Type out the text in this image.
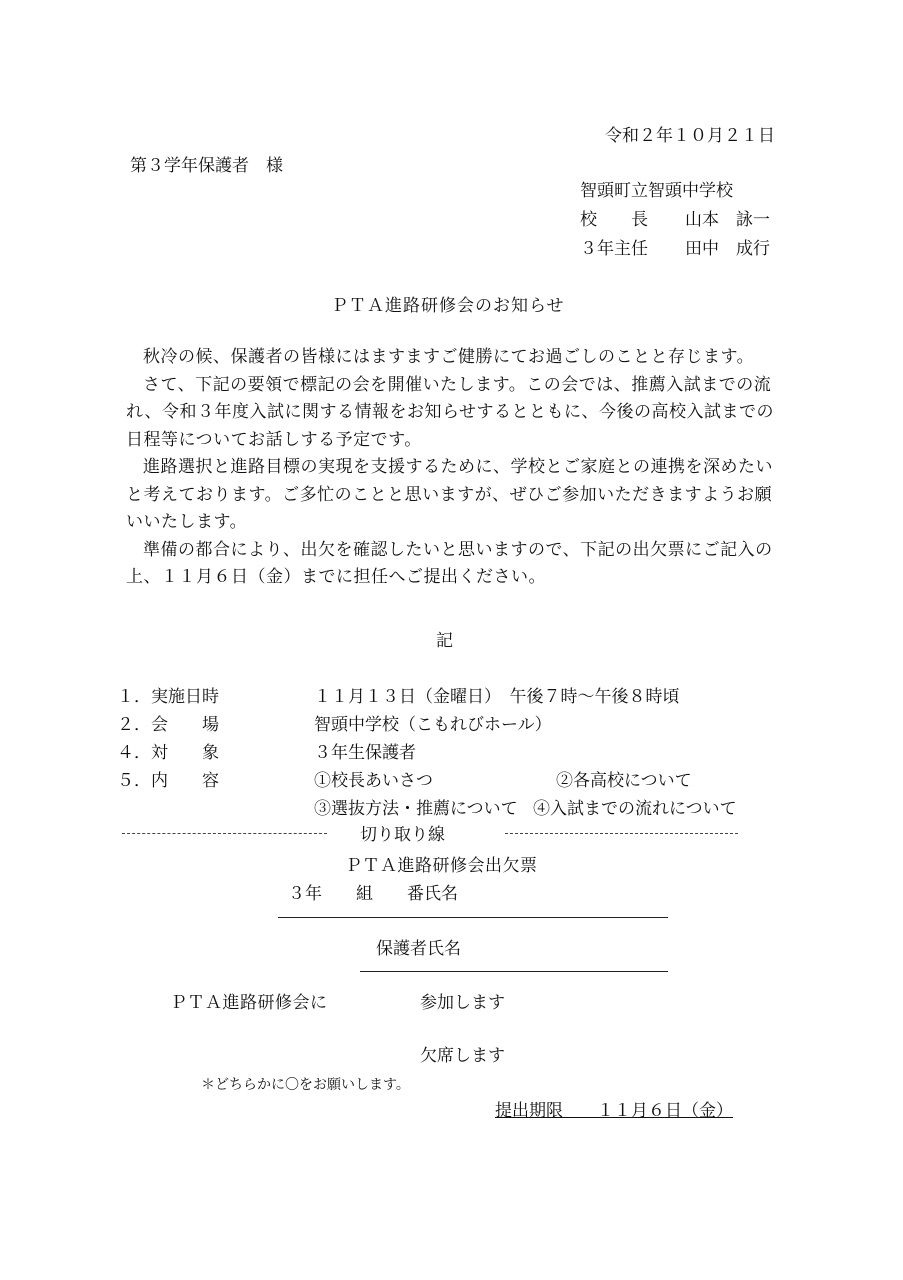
令和２年１０月２１日
第３学年保護者　様
智頭町立智頭中学校
校　　長 山本　詠一
３年主任 田中　成行
ＰＴＡ進路研修会のお知らせ

秋冷の候、保護者の皆様にはますますご健勝にてお過ごしのことと存じます。

さて、下記の要領で標記の会を開催いたします。この会では、推薦入試までの流れ、令和３年度入試に関する情報をお知らせするとともに、今後の高校入試までの日程等についてお話しする予定です。

進路選択と進路目標の実現を支援するために、学校とご家庭との連携を深めたいと考えております。ご多忙のことと思いますが、ぜひご参加いただきますようお願いいたします。

準備の都合により、出欠を確認したいと思いますので、下記の出欠票にご記入の上、１１月６日（金）までに担任へご提出ください。

記
１．実施日時	１１月１３日（金曜日）　午後７時～午後８時頃
２．会　　場	智頭中学校（こもれびホール）
４．対　　象	３年生保護者
５．内　　容	①校長あいさつ	②各高校について
③選抜方法・推薦について ④入試までの流れについて
切り取り線
ＰＴＡ進路研修会出欠票
３年　　組　　番氏名
保護者氏名
ＰＴＡ進路研修会に	参加します
欠席します
＊どちらかに〇をお願いします。
提出期限　　１１月６日（金）
